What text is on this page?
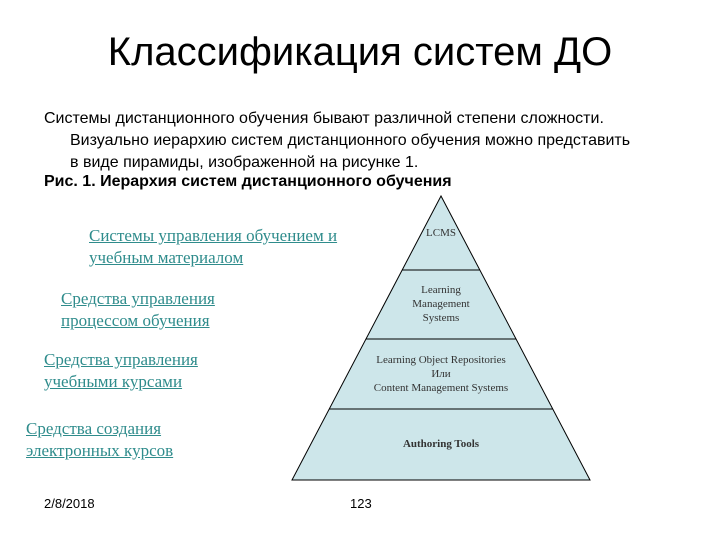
Классификация систем ДО
Системы дистанционного обучения бывают различной степени сложности.
Визуально иерархию систем дистанционного обучения можно представить
в виде пирамиды, изображенной на рисунке 1.
Рис. 1. Иерархия систем дистанционного обучения
LCMS
Learning
Management
Systems
Learning Object Repositories
Или
Content Management Systems
Authoring Tools
Системы управления обучением и
учебным материалом
Средства управления
процессом обучения
Средства управления
учебными курсами
Средства создания
электронных курсов
2/8/2018	123
